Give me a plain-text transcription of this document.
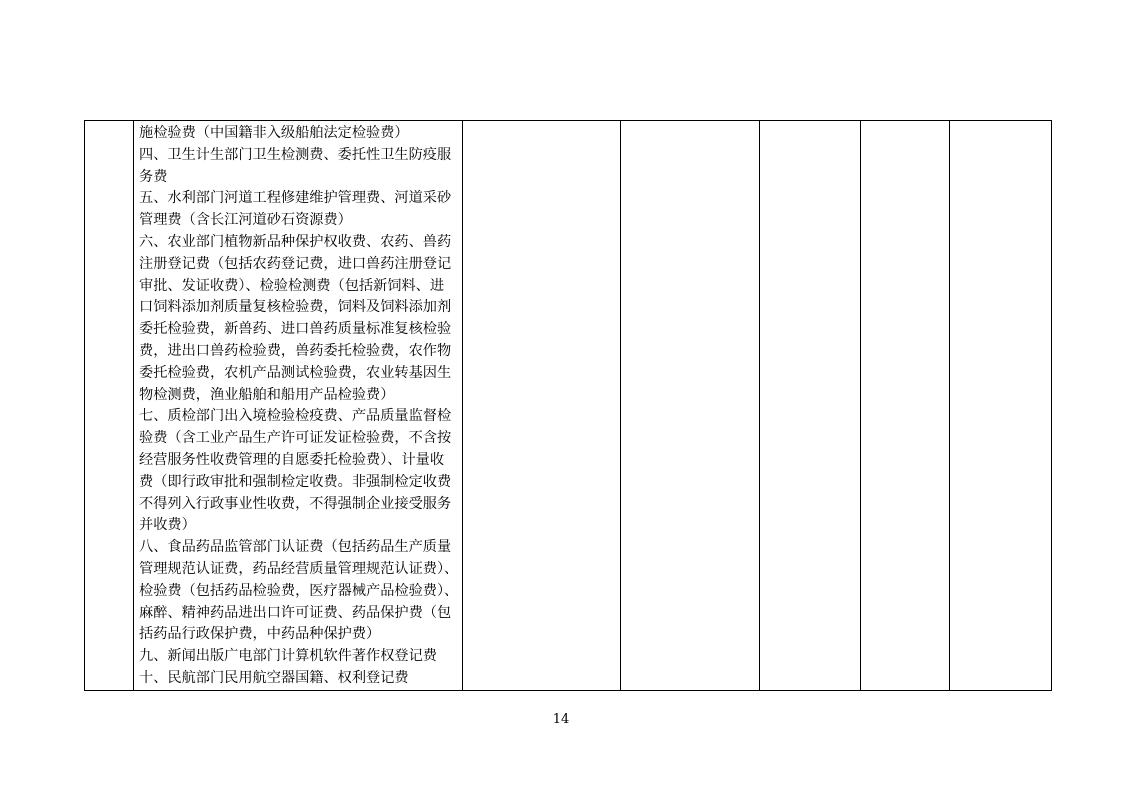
施检验费（中国籍非入级船舶法定检验费）
四、卫生计生部门卫生检测费、委托性卫生防疫服
务费
五、水利部门河道工程修建维护管理费、河道采砂
管理费（含长江河道砂石资源费）
六、农业部门植物新品种保护权收费、农药、兽药
注册登记费（包括农药登记费，进口兽药注册登记
审批、发证收费）、检验检测费（包括新饲料、进
口饲料添加剂质量复核检验费，饲料及饲料添加剂
委托检验费，新兽药、进口兽药质量标准复核检验
费，进出口兽药检验费，兽药委托检验费，农作物
委托检验费，农机产品测试检验费，农业转基因生
物检测费，渔业船舶和船用产品检验费）
七、质检部门出入境检验检疫费、产品质量监督检
验费（含工业产品生产许可证发证检验费，不含按
经营服务性收费管理的自愿委托检验费）、计量收
费（即行政审批和强制检定收费。非强制检定收费
不得列入行政事业性收费，不得强制企业接受服务
并收费）
八、食品药品监管部门认证费（包括药品生产质量
管理规范认证费，药品经营质量管理规范认证费）、
检验费（包括药品检验费，医疗器械产品检验费）、
麻醉、精神药品进出口许可证费、药品保护费（包
括药品行政保护费，中药品种保护费）
九、新闻出版广电部门计算机软件著作权登记费
十、民航部门民用航空器国籍、权利登记费

14
